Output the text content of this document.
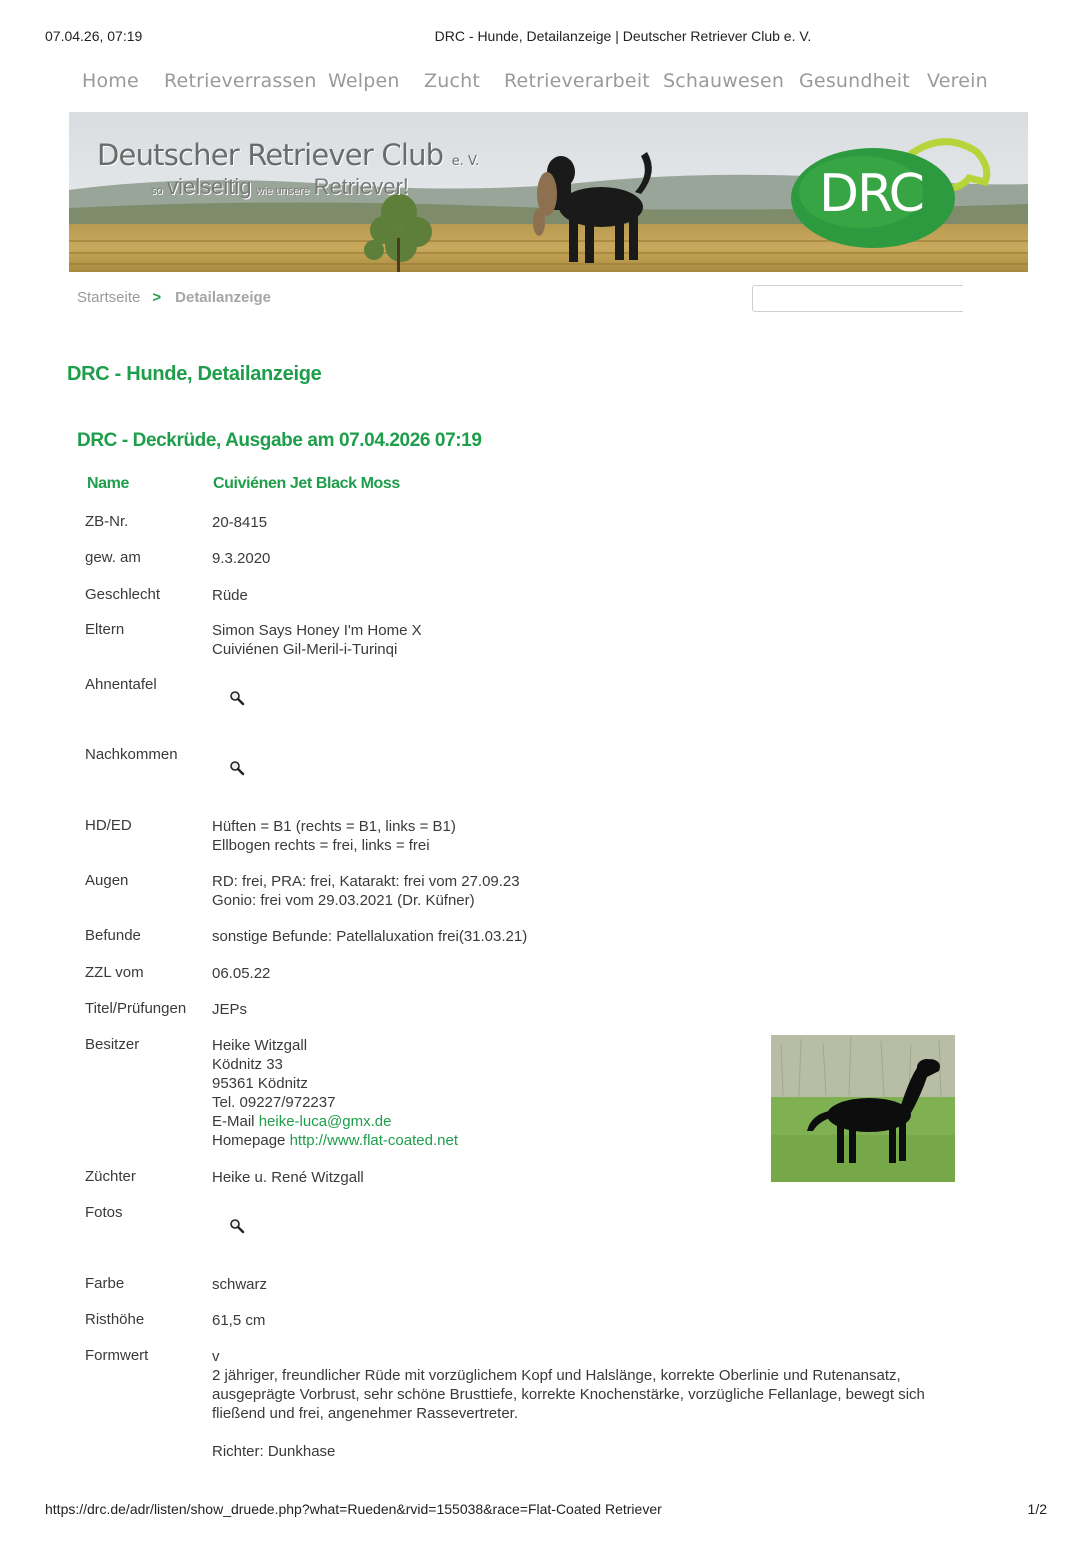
07.04.26, 07:19	DRC - Hunde, Detailanzeige | Deutscher Retriever Club e. V.
Home Retrieverrassen Welpen Zucht Retrieverarbeit Schauwesen Gesundheit Verein
Deutscher Retriever Club e. V.
so vielseitig wie unsere Retriever!	DRC
Startseite > Detailanzeige
DRC - Hunde, Detailanzeige
DRC - Deckrüde, Ausgabe am 07.04.2026 07:19
Name	Cuiviénen Jet Black Moss
ZB-Nr.	20-8415
gew. am	9.3.2020
Geschlecht	Rüde
Eltern	Simon Says Honey I'm Home X
Cuiviénen Gil-Meril-i-Turinqi
Ahnentafel
Nachkommen
HD/ED	Hüften = B1 (rechts = B1, links = B1)
Ellbogen rechts = frei, links = frei
Augen	RD: frei, PRA: frei, Katarakt: frei vom 27.09.23
Gonio: frei vom 29.03.2021 (Dr. Küfner)
Befunde	sonstige Befunde: Patellaluxation frei(31.03.21)
ZZL vom	06.05.22
Titel/Prüfungen JEPs
Besitzer	Heike Witzgall
Ködnitz 33
95361 Ködnitz
Tel. 09227/972237
E-Mail heike-luca@gmx.de
Homepage http://www.flat-coated.net
Züchter	Heike u. René Witzgall
Fotos
Farbe	schwarz
Risthöhe	61,5 cm
Formwert	v
2 jähriger, freundlicher Rüde mit vorzüglichem Kopf und Halslänge, korrekte Oberlinie und Rutenansatz,
ausgeprägte Vorbrust, sehr schöne Brusttiefe, korrekte Knochenstärke, vorzügliche Fellanlage, bewegt sich
fließend und frei, angenehmer Rassevertreter.
Richter: Dunkhase
https://drc.de/adr/listen/show_druede.php?what=Rueden&rvid=155038&race=Flat-Coated Retriever	1/2
